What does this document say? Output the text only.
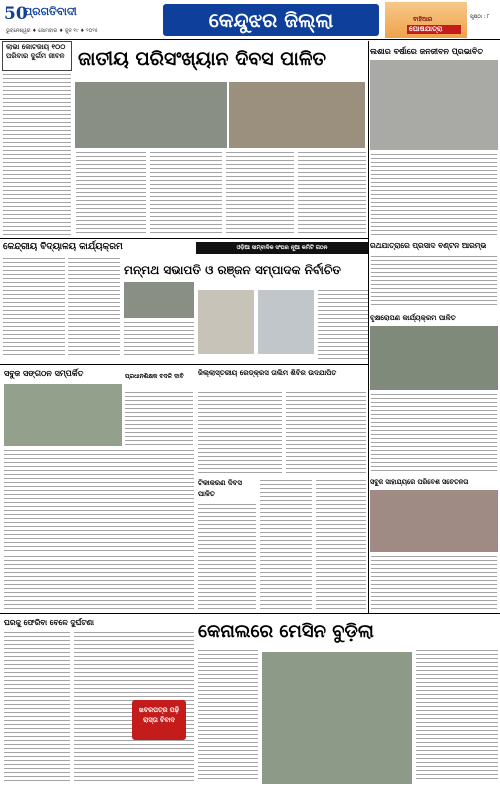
50
ପ୍ରଗତିବାଦୀ
ଭୁବନେଶ୍ୱର ♦ ସୋମବାର ♦ ଜୁନ ୧୯ ♦ ୨୦୨୫	କେନ୍ଦୁଝର ଜିଲ୍ଲା	ବାହିଆର
ଘୋଷଯାତ୍ରା
ପୃଷ୍ଠା : ୮
ଲାଭା କୋଟଜାୟ ୧୦୦ ପରିବାର ଦୁର୍ଗମ ଜୀବନ ଜାତୀୟ ପରିସଂଖ୍ୟାନ ଦିବସ ପାଳିତ	ଲଶାର ବର୍ଷାରେ ଜନଜୀବନ ପ୍ରଭାବିତ
ରଥଯାତ୍ରାରେ ପ୍ରସାଦ ବଣ୍ଟନ ଆରମ୍ଭ
କେନ୍ଦ୍ରୀୟ ବିଦ୍ୟାଳୟ କାର୍ଯ୍ୟକ୍ରମ	ଓଡ଼ିଆ ସାମ୍ବାଦିକ ସଂଘର ନୂଆ କମିଟି ଗଠନ
ମନ୍ମଥ ସଭାପତି ଓ ରଞ୍ଜନ ସମ୍ପାଦକ ନିର୍ବାଚିତ
ବୃକ୍ଷରୋପଣ କାର୍ଯ୍ୟକ୍ରମ ପାଳିତ
ସବୁଜ ସଙ୍ଗଠନ ସମ୍ପର୍କିତ	ପ୍ରଧାନଶିକ୍ଷକ ବଦଳି ଦାବି	ଜିଲ୍ଲାସ୍ତରୀୟ ରେଡ୍‌କ୍ରସ ତାଲିମ ଶିବିର ଉଦଯାପିତ
ସବୁଜ ସାହାଯ୍ୟରେ ପରିବେଶ ସଚେତନତା
ଟିକାକରଣ ଦିବସ ପାଳିତ
କେନାଲରେ ମେସିନ ବୁଡ଼ିଲା
ଘରକୁ ଫେରିବା ବେଳେ ଦୁର୍ଘଟଣା
ଖବରପତ୍ର ପଢ଼ି ରାସ୍ତା ବିବାଦ
